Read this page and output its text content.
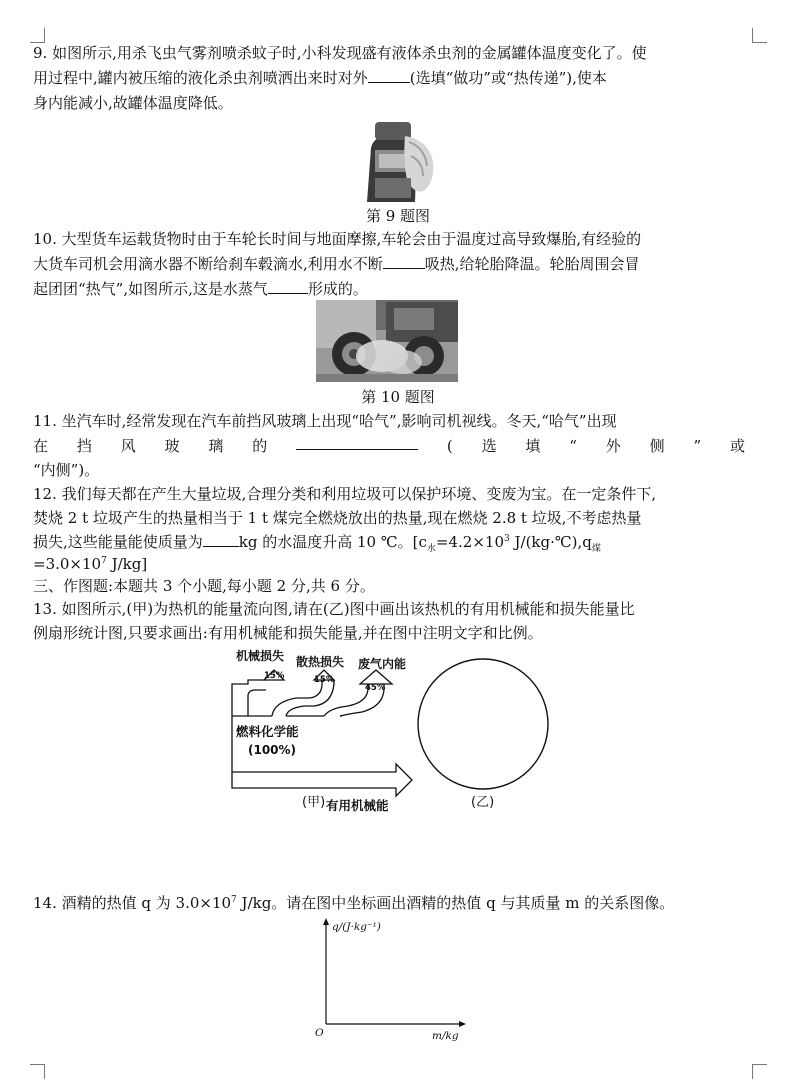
9. 如图所示,用杀飞虫气雾剂喷杀蚊子时,小科发现盛有液体杀虫剂的金属罐体温度变化了。使
用过程中,罐内被压缩的液化杀虫剂喷洒出来时对外	(选填“做功”或“热传递”),使本
身内能减小,故罐体温度降低。
第 9 题图
10. 大型货车运载货物时由于车轮长时间与地面摩擦,车轮会由于温度过高导致爆胎,有经验的
大货车司机会用滴水器不断给刹车毂滴水,利用水不断	吸热,给轮胎降温。轮胎周围会冒
起团团“热气”,如图所示,这是水蒸气	形成的。
第 10 题图
11. 坐汽车时,经常发现在汽车前挡风玻璃上出现“哈气”,影响司机视线。冬天,“哈气”出现
在 挡 风 玻 璃 的	( 选 填 “ 外 侧 ” 或
“内侧”)。
12. 我们每天都在产生大量垃圾,合理分类和利用垃圾可以保护环境、变废为宝。在一定条件下,
焚烧 2 t 垃圾产生的热量相当于 1 t 煤完全燃烧放出的热量,现在燃烧 2.8 t 垃圾,不考虑热量
损失,这些能量能使质量为 kg 的水温度升高 10 ℃。[$c_水=4.2\times 10^3$ $J/(kg\cdot℃),q_煤$
$=3.0\times 10^7$ J/kg]
三、作图题:本题共 3 个小题,每小题 2 分,共 6 分。
13. 如图所示,(甲)为热机的能量流向图,请在(乙)图中画出该热机的有用机械能和损失能量比
例扇形统计图,只要求画出:有用机械能和损失能量,并在图中注明文字和比例。
机械损失
15%
散热损失
15%
废气内能
45%
燃料化学能
(100%)
有用机械能
(甲)	(乙)
14. 酒精的热值 q 为 $3.0\times 10^7$ J/kg。请在图中坐标画出酒精的热值 q 与其质量 m 的关系图像。
q/(J·kg⁻¹)
m/kg
O
